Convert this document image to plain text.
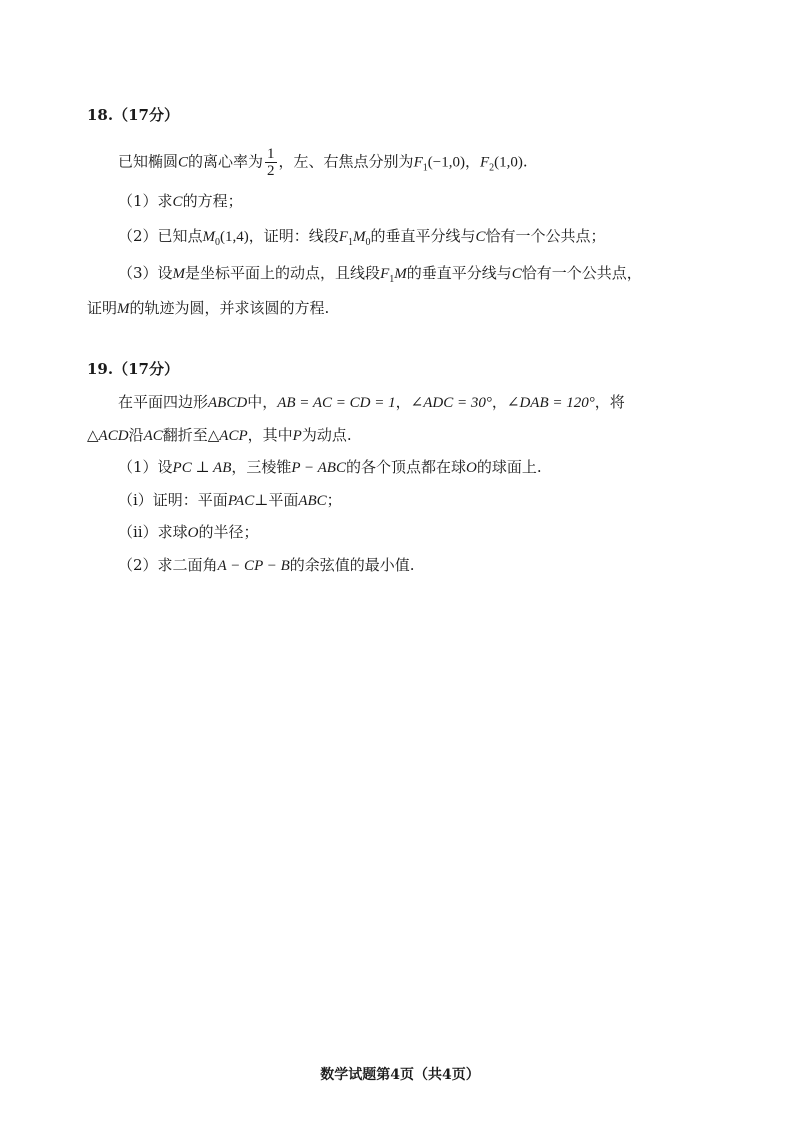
18.（17分）
已知椭圆C的离心率为 $\frac{1}{2}$ ，左、右焦点分别为$F_1(-1,0)$，$F_2(1,0)$.
（1）求C的方程；
（2）已知点$M_0(1,4)$，证明：线段$F_1M_0$的垂直平分线与C恰有一个公共点；
（3）设M是坐标平面上的动点，且线段$F_1M$的垂直平分线与C恰有一个公共点，
证明M的轨迹为圆，并求该圆的方程.
19.（17分）
在平面四边形ABCD中，AB = AC = CD = 1，∠ADC = 30°，∠DAB = 120°，将
△ACD沿AC翻折至△ACP，其中P为动点.
（1）设PC ⊥ AB，三棱锥P − ABC的各个顶点都在球O的球面上.
（ⅰ）证明：平面PAC⊥平面ABC；
（ⅱ）求球O的半径；
（2）求二面角A − CP − B的余弦值的最小值.
数学试题第4页（共4页）
